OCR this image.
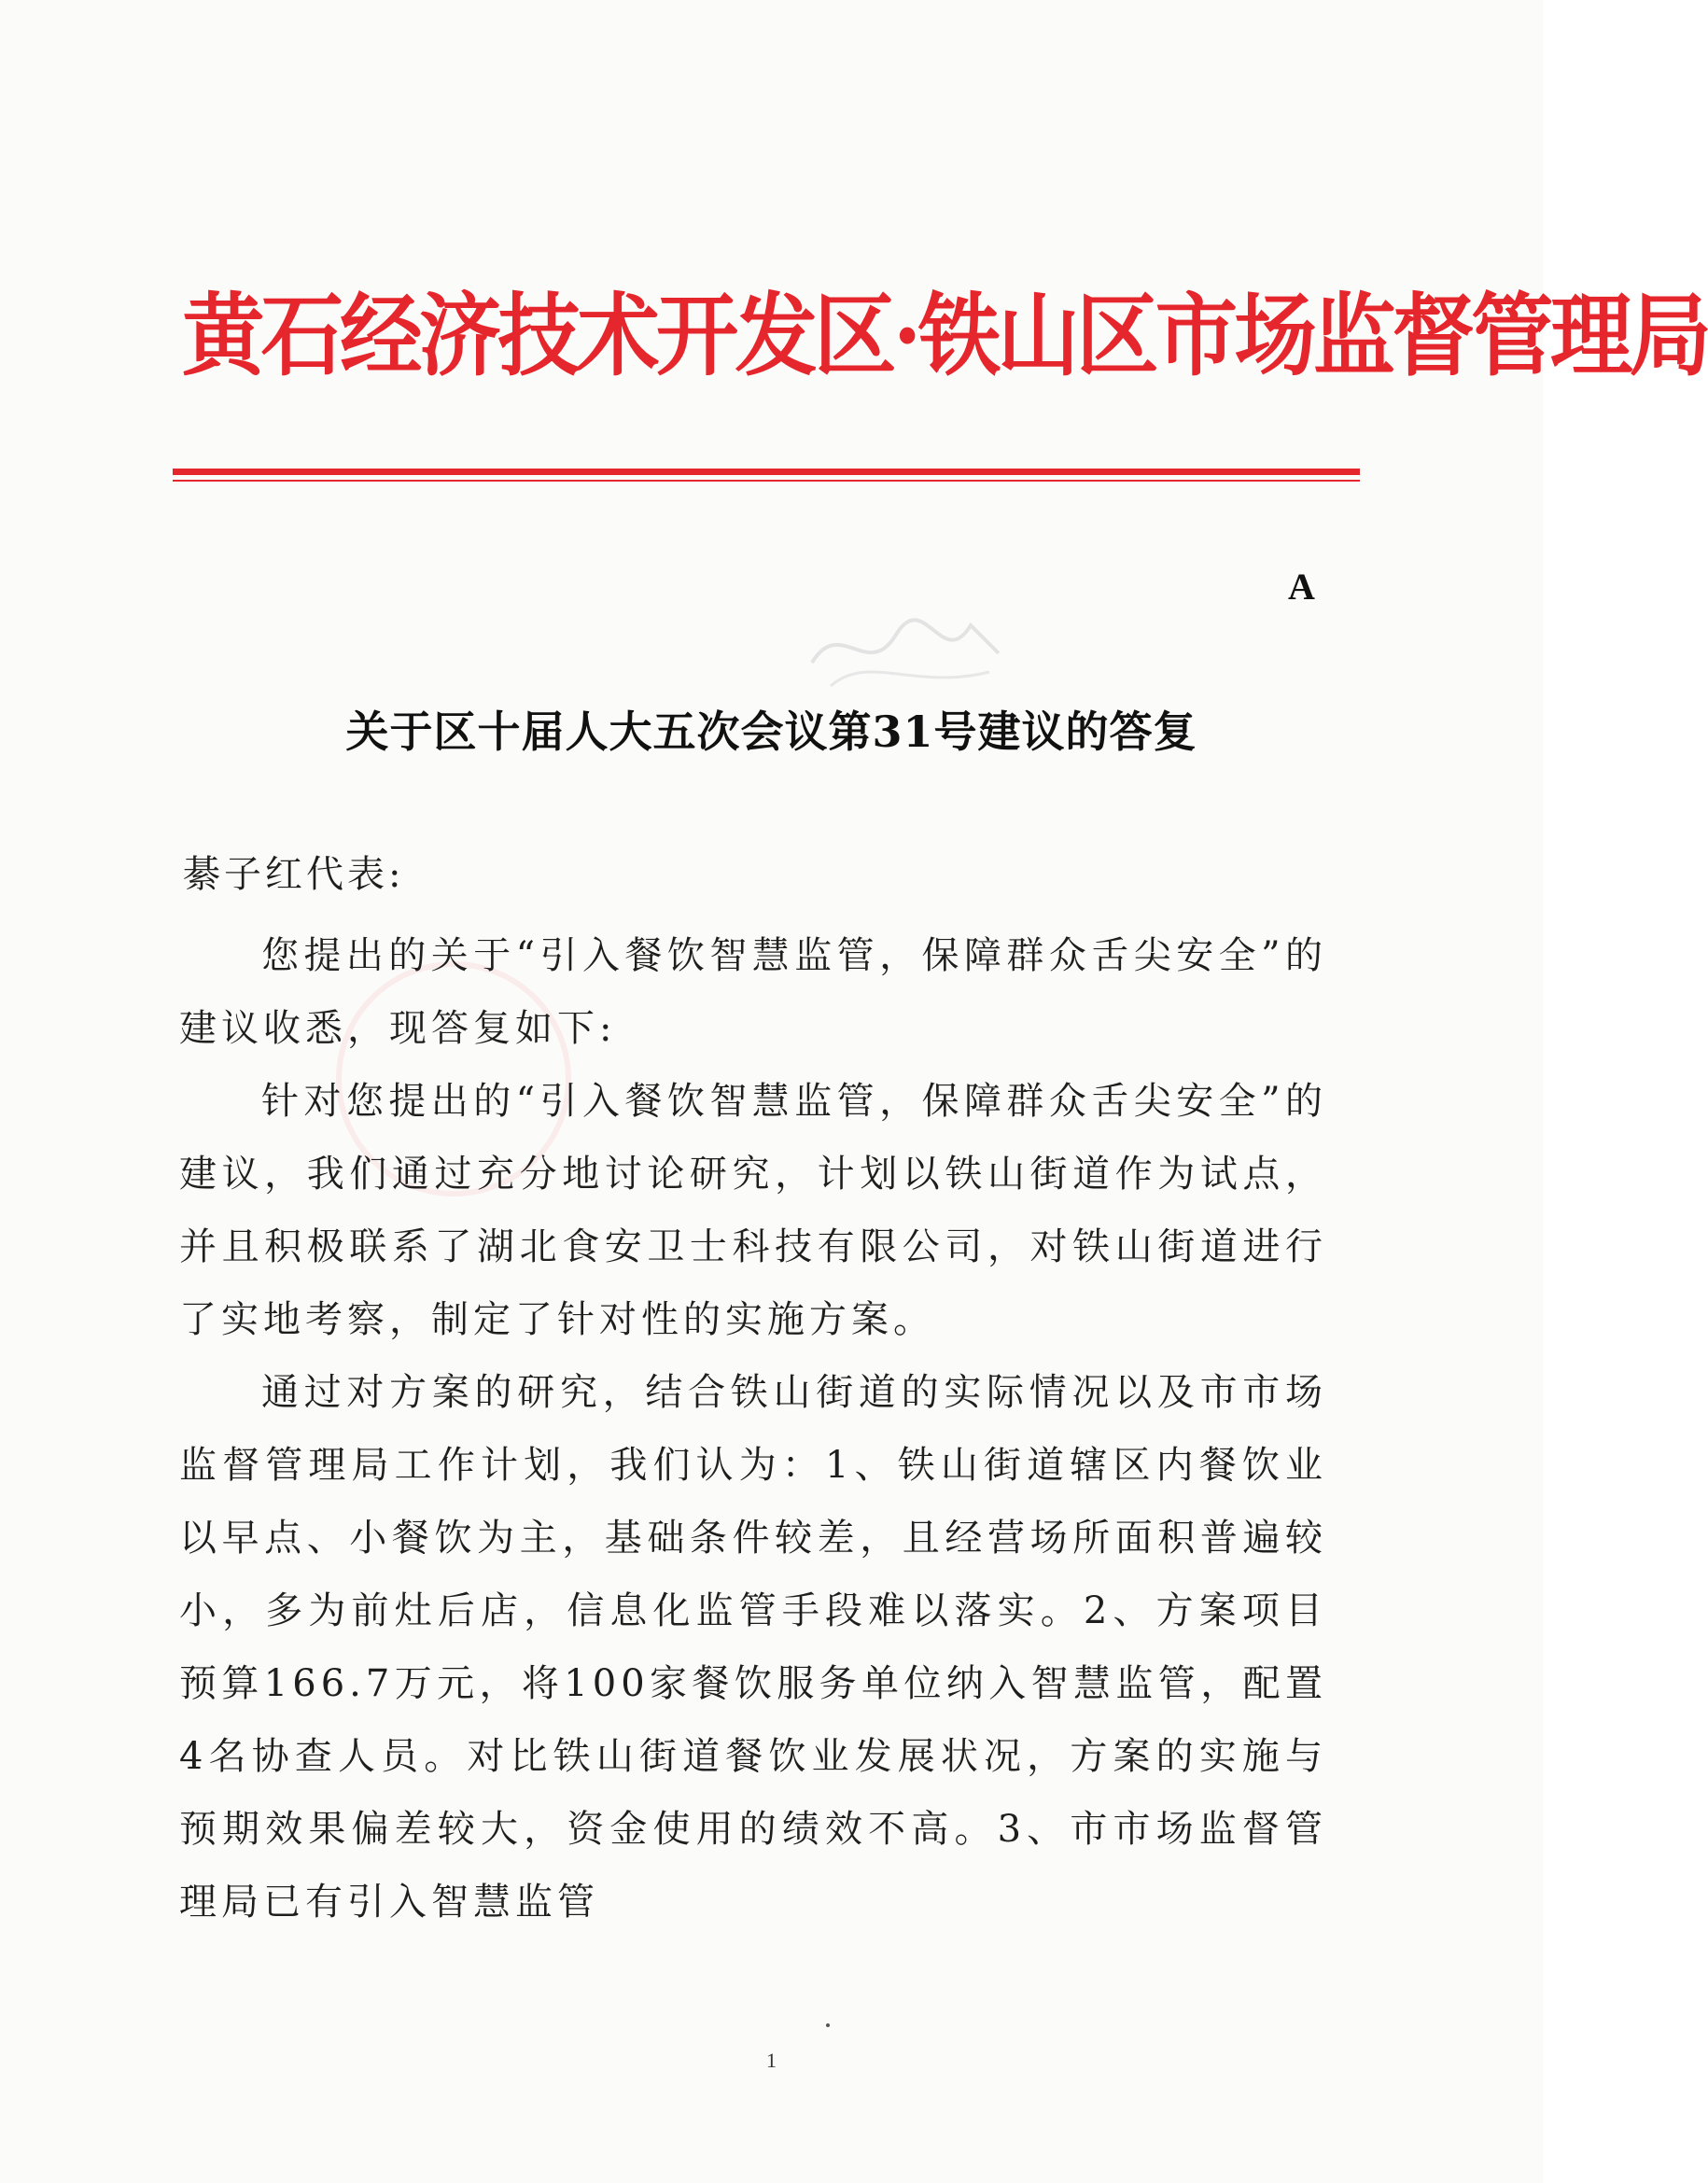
黄石经济技术开发区·铁山区市场监督管理局
A
关于区十届人大五次会议第31号建议的答复
綦子红代表:

您提出的关于“引入餐饮智慧监管，保障群众舌尖安全”的建议收悉，现答复如下:

针对您提出的“引入餐饮智慧监管，保障群众舌尖安全”的建议，我们通过充分地讨论研究，计划以铁山街道作为试点，并且积极联系了湖北食安卫士科技有限公司，对铁山街道进行了实地考察，制定了针对性的实施方案。

通过对方案的研究，结合铁山街道的实际情况以及市市场监督管理局工作计划，我们认为：1、铁山街道辖区内餐饮业以早点、小餐饮为主，基础条件较差，且经营场所面积普遍较小，多为前灶后店，信息化监管手段难以落实。2、方案项目预算166.7万元，将100家餐饮服务单位纳入智慧监管，配置4名协查人员。对比铁山街道餐饮业发展状况，方案的实施与预期效果偏差较大，资金使用的绩效不高。3、市市场监督管理局已有引入智慧监管

1
